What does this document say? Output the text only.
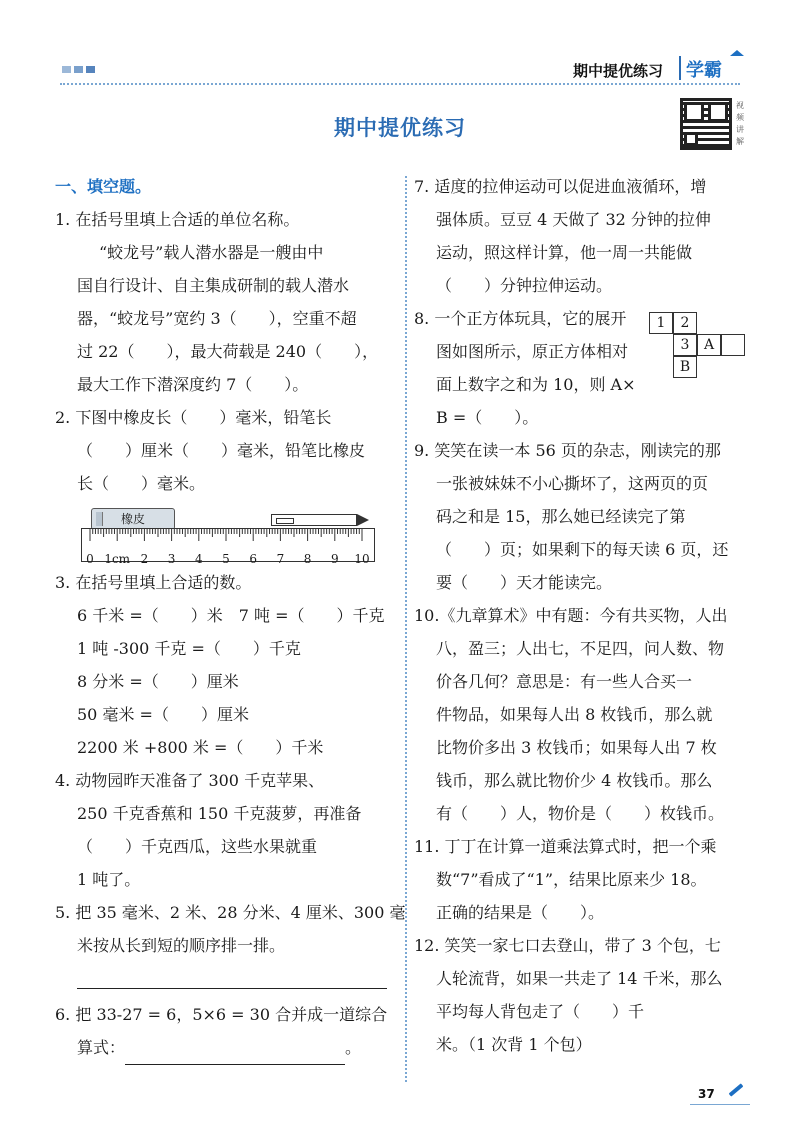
期中提优练习 学霸
期中提优练习
视频讲解
一、填空题。
1. 在括号里填上合适的单位名称。
“蛟龙号”载人潜水器是一艘由中
国自行设计、自主集成研制的载人潜水
器，“蛟龙号”宽约 3（　　），空重不超
过 22（　　），最大荷载是 240（　　），
最大工作下潜深度约 7（　　）。
2. 下图中橡皮长（　　）毫米，铅笔长
（　　）厘米（　　）毫米，铅笔比橡皮
长（　　）毫米。
橡皮
0 1cm 2 3 4 5 6 7 8 9 10
3. 在括号里填上合适的数。
6 千米 =（　　）米　7 吨 =（　　）千克
1 吨 -300 千克 =（　　）千克
8 分米 =（　　）厘米
50 毫米 =（　　）厘米
2200 米 +800 米 =（　　）千米
4. 动物园昨天准备了 300 千克苹果、
250 千克香蕉和 150 千克菠萝，再准备
（　　）千克西瓜，这些水果就重
1 吨了。
5. 把 35 毫米、2 米、28 分米、4 厘米、300 毫
米按从长到短的顺序排一排。
6. 把 33-27 = 6，5×6 = 30 合并成一道综合
算式：	。
7. 适度的拉伸运动可以促进血液循环，增
强体质。豆豆 4 天做了 32 分钟的拉伸
运动，照这样计算，他一周一共能做
（　　）分钟拉伸运动。
8. 一个正方体玩具，它的展开
图如图所示，原正方体相对
面上数字之和为 10，则 A×
B =（　　）。
9. 笑笑在读一本 56 页的杂志，刚读完的那
一张被妹妹不小心撕坏了，这两页的页
码之和是 15，那么她已经读完了第
（　　）页；如果剩下的每天读 6 页，还
要（　　）天才能读完。
10.《九章算术》中有题：今有共买物，人出
八，盈三；人出七，不足四，问人数、物
价各几何？意思是：有一些人合买一
件物品，如果每人出 8 枚钱币，那么就
比物价多出 3 枚钱币；如果每人出 7 枚
钱币，那么就比物价少 4 枚钱币。那么
有（　　）人，物价是（　　）枚钱币。
11. 丁丁在计算一道乘法算式时，把一个乘
数“7”看成了“1”，结果比原来少 18。
正确的结果是（　　）。
12. 笑笑一家七口去登山，带了 3 个包，七
人轮流背，如果一共走了 14 千米，那么
平均每人背包走了（　　）千
米。（1 次背 1 个包）
1	2
3	A
B
37
